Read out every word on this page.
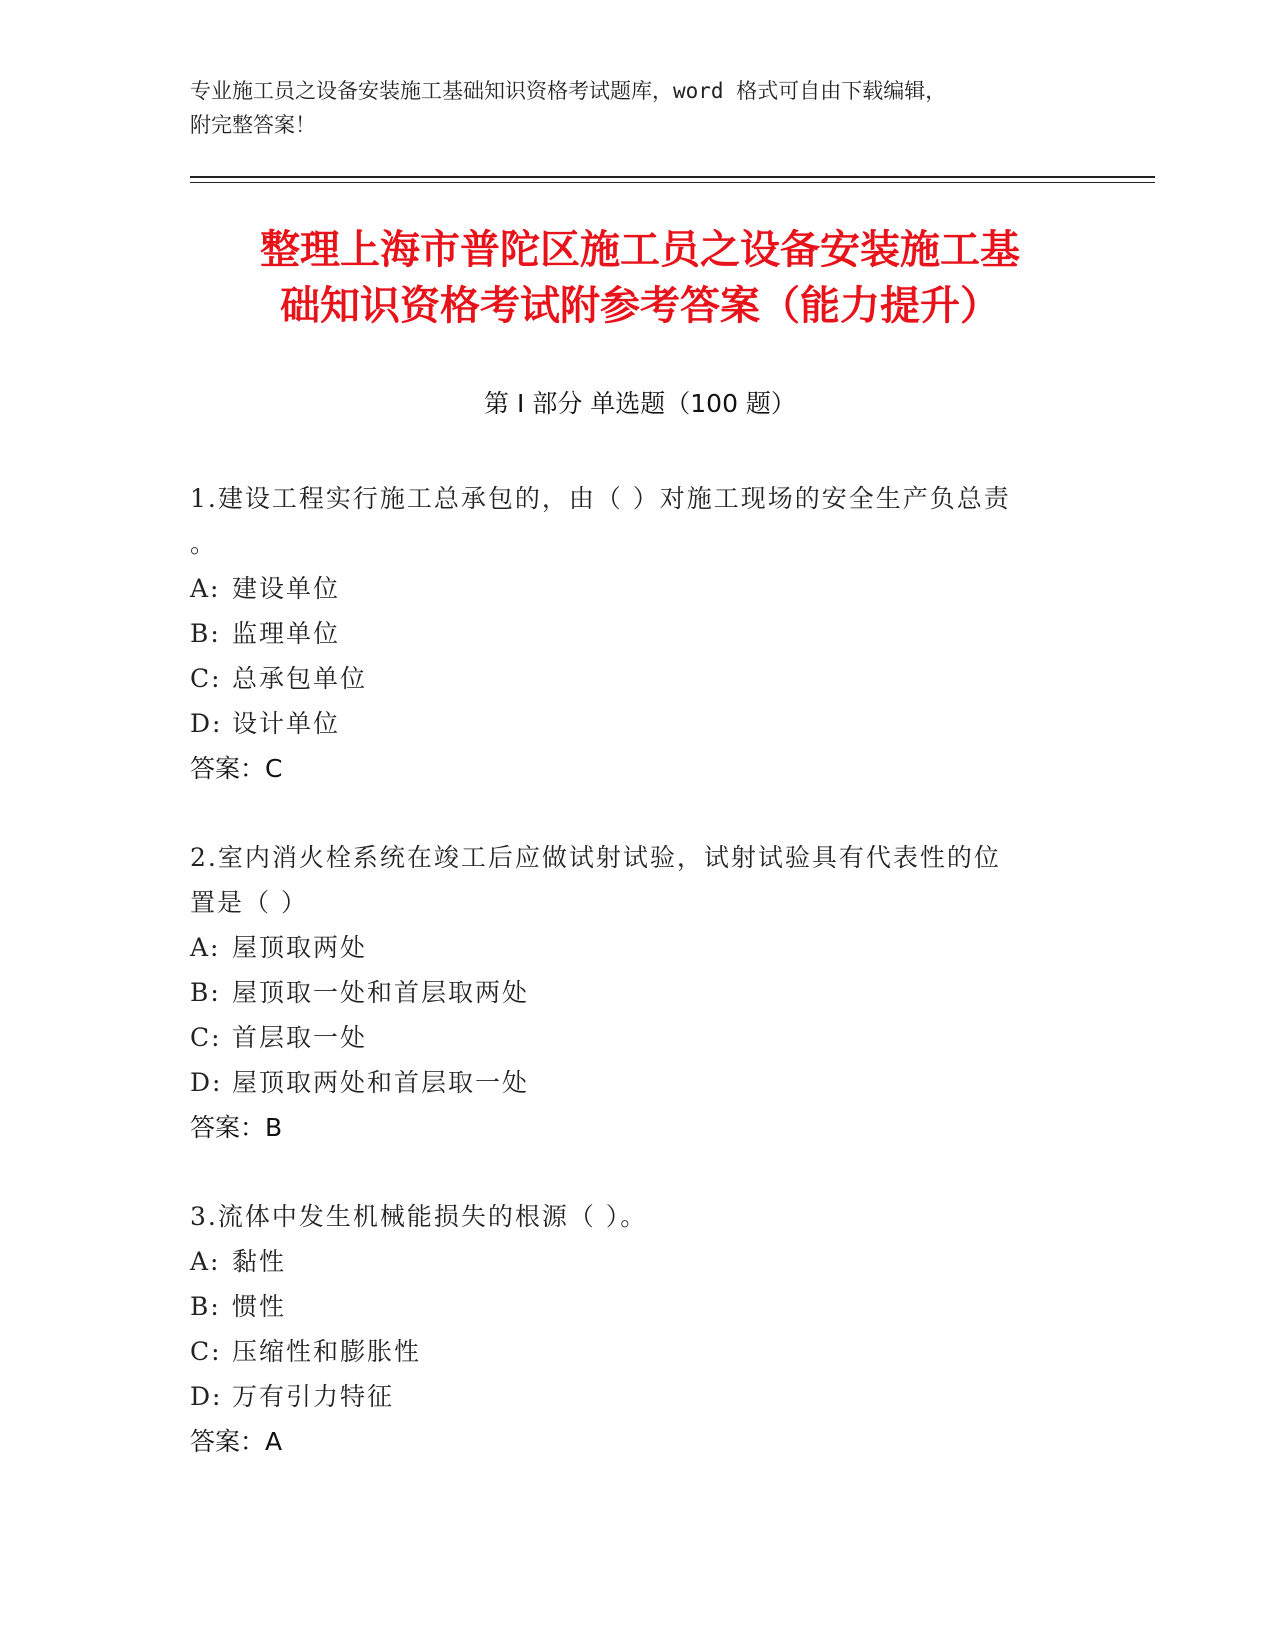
专业施工员之设备安装施工基础知识资格考试题库，word 格式可自由下载编辑，
附完整答案！
整理上海市普陀区施工员之设备安装施工基
础知识资格考试附参考答案（能力提升）
第 I 部分 单选题（100 题）
1.建设工程实行施工总承包的，由（ ）对施工现场的安全生产负总责
。
A: 建设单位
B: 监理单位
C: 总承包单位
D: 设计单位
答案：C
2.室内消火栓系统在竣工后应做试射试验，试射试验具有代表性的位
置是（ ）
A: 屋顶取两处
B: 屋顶取一处和首层取两处
C: 首层取一处
D: 屋顶取两处和首层取一处
答案：B
3.流体中发生机械能损失的根源（ ）。
A: 黏性
B: 惯性
C: 压缩性和膨胀性
D: 万有引力特征
答案：A
